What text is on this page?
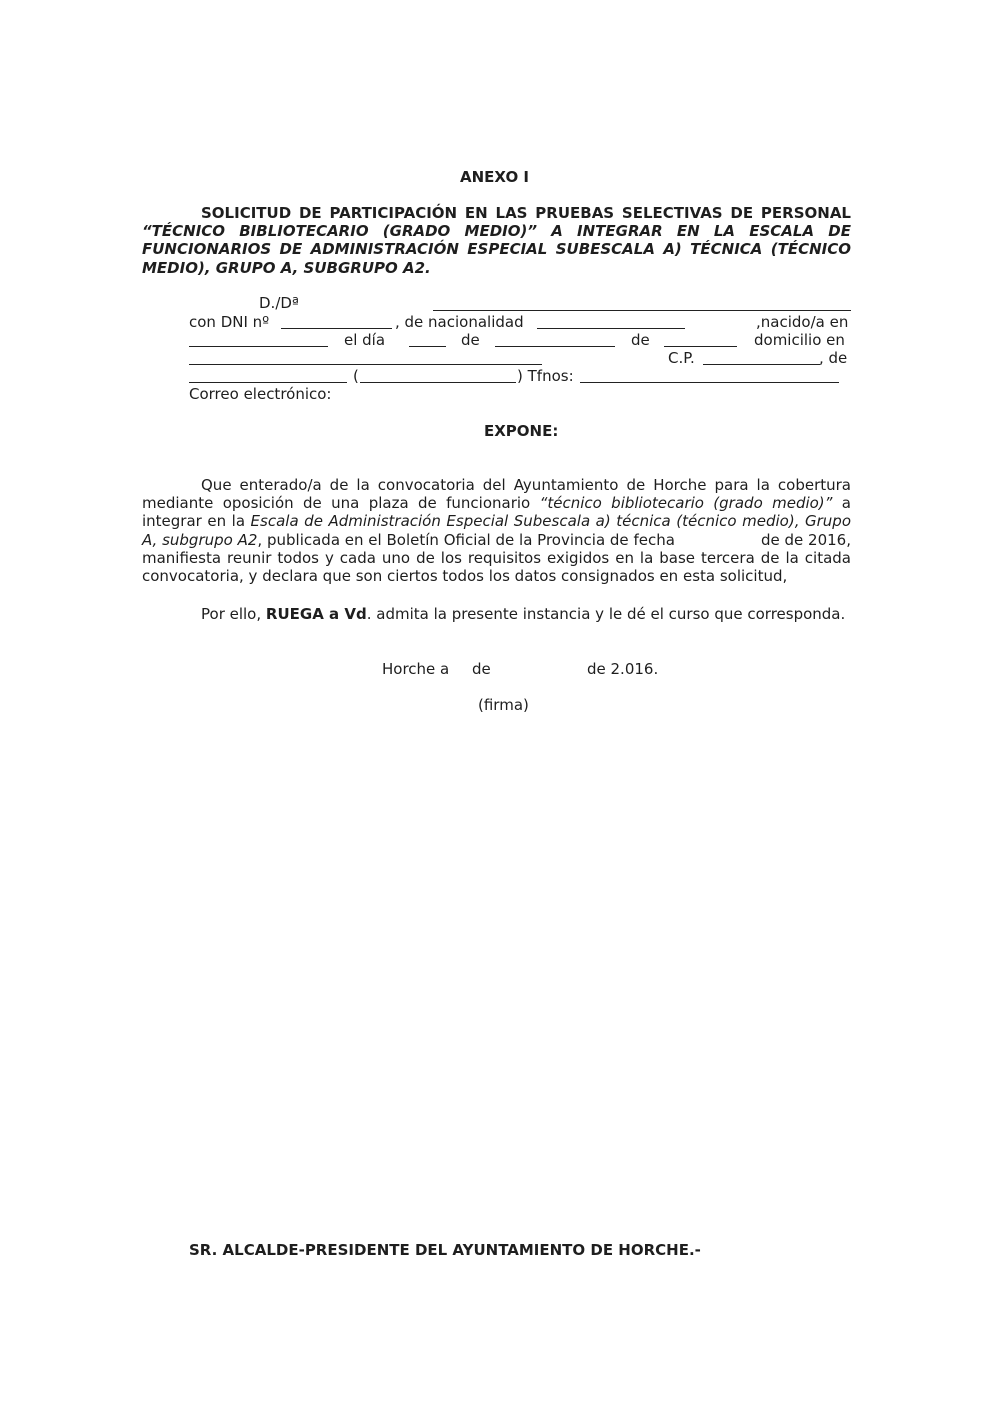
ANEXO I

SOLICITUD DE PARTICIPACIÓN EN LAS PRUEBAS SELECTIVAS DE PERSONAL “TÉCNICO BIBLIOTECARIO (GRADO MEDIO)” A INTEGRAR EN LA ESCALA DE FUNCIONARIOS DE ADMINISTRACIÓN ESPECIAL SUBESCALA A) TÉCNICA (TÉCNICO MEDIO), GRUPO A, SUBGRUPO A2.

D./Dª
con DNI nº	, de nacionalidad	,nacido/a en
el día	de	de	domicilio en
C.P.	, de
(	) Tfnos:
Correo electrónico:
EXPONE:

Que enterado/a de la convocatoria del Ayuntamiento de Horche para la cobertura mediante oposición de una plaza de funcionario “técnico bibliotecario (grado medio)” a integrar en la Escala de Administración Especial Subescala a) técnica (técnico medio), Grupo A, subgrupo A2, publicada en el Boletín Oficial de la Provincia de fecha                  de de 2016, manifiesta reunir todos y cada uno de los requisitos exigidos en la base tercera de la citada convocatoria, y declara que son ciertos todos los datos consignados en esta solicitud,

Por ello, RUEGA a Vd. admita la presente instancia y le dé el curso que corresponda.
Horche a de	de 2.016.
(firma)
SR. ALCALDE-PRESIDENTE DEL AYUNTAMIENTO DE HORCHE.-
